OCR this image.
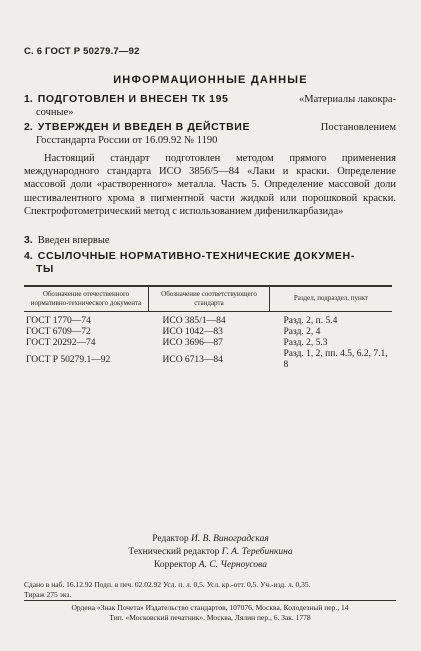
С. 6 ГОСТ Р 50279.7—92
ИНФОРМАЦИОННЫЕ ДАННЫЕ
1. ПОДГОТОВЛЕН И ВНЕСЕН ТК 195	«Материалы лакокра-

сочные»
2. УТВЕРЖДЕН И ВВЕДЕН В ДЕЙСТВИЕ	Постановлением

Госстандарта России от 16.09.92 № 1190
Настоящий стандарт подготовлен методом прямого применения международного стандарта ИСО 3856/5—84 «Лаки и краски. Определение массовой доли «растворенного» металла. Часть 5. Определение массовой доли шестивалентного хрома в пигментной части жидкой или порошковой краски. Спектрофотометрический метод с использованием дифенилкарбазида»
3. Введен впервые
4. ССЫЛОЧНЫЕ НОРМАТИВНО-ТЕХНИЧЕСКИЕ ДОКУМЕН-
ТЫ
Обозначение отечественного нормативно-технического документа	Обозначение соответствующего стандарта	Раздел, подраздел, пункт

ГОСТ 1770—74	ИСО 385/1—84	Разд. 2, п. 5.4
ГОСТ 6709—72	ИСО 1042—83	Разд. 2, 4
ГОСТ 20292—74	ИСО 3696—87	Разд. 2, 5.3
ГОСТ Р 50279.1—92	ИСО 6713—84	Разд. 1, 2, пп. 4.5, 6.2, 7.1, 8
Редактор И. В. Виноградская
Технический редактор Г. А. Теребинкина
Корректор А. С. Черноусова
Сдано в наб. 16.12.92 Подп. в печ. 02.02.92 Усл. п. л. 0,5. Усл. кр.-отт. 0,5. Уч.-изд. л. 0,35.
Тираж 275 экз.
Ордена «Знак Почета» Издательство стандартов, 107076, Москва, Колодезный пер., 14
Тип. «Московский печатник». Москва, Лялин пер., 6. Зак. 1778
